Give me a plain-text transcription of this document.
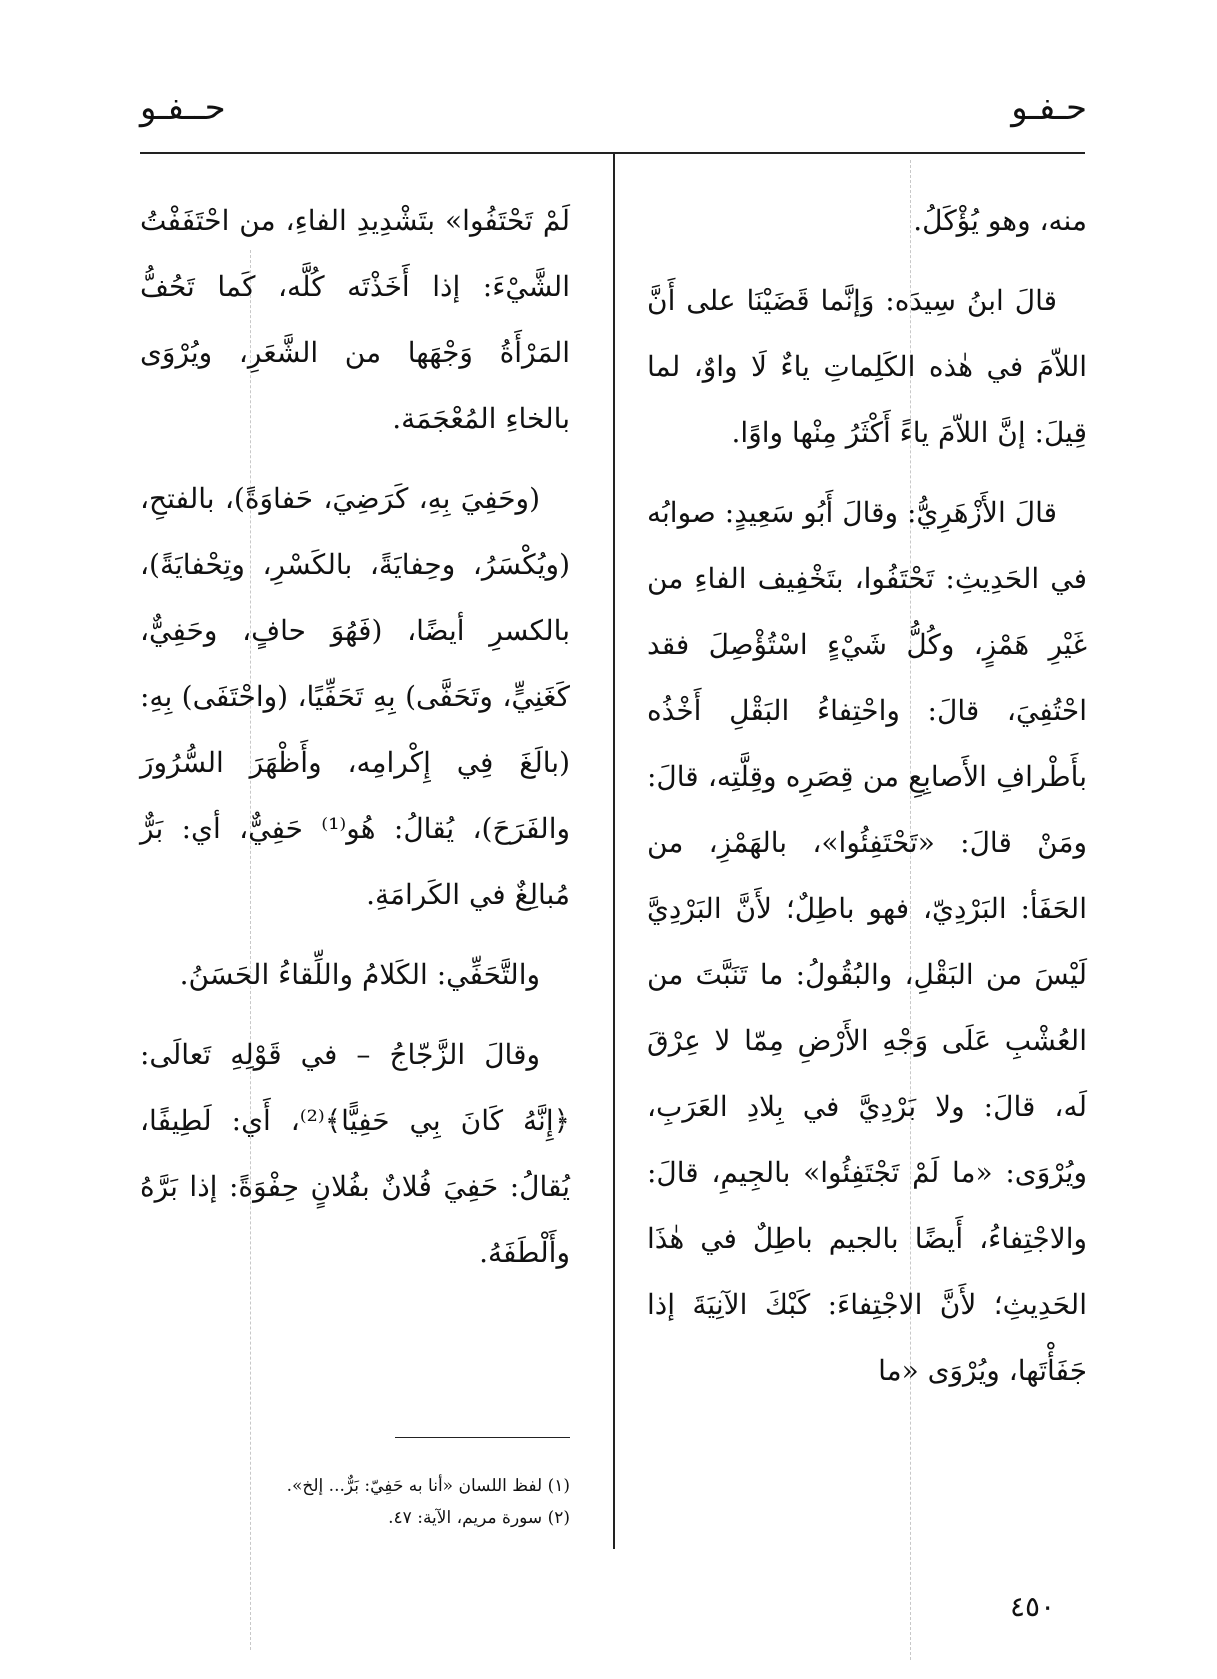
حـفـو
حــفـو

منه، وهو يُؤْكَلُ.

قالَ ابنُ سِيدَه: وَإنَّما قَضَيْنَا على أَنَّ اللاّمَ في هٰذه الكَلِماتِ ياءٌ لَا واوٌ، لما قِيلَ: إنَّ اللاّمَ ياءً أَكْثَرُ مِنْها واوًا.

قالَ الأَزْهَرِيُّ: وقالَ أَبُو سَعِيدٍ: صوابُه في الحَدِيثِ: تَحْتَفُوا، بتَخْفِيف الفاءِ من غَيْرِ هَمْزٍ، وكُلُّ شَيْءٍ اسْتُؤْصِلَ فقد احْتُفِيَ، قالَ: واحْتِفاءُ البَقْلِ أَخْذُه بأَطْرافِ الأَصابِعِ من قِصَرِه وقِلَّتِه، قالَ: ومَنْ قالَ: «تَحْتَفِئُوا»، بالهَمْزِ، من الحَفَأ: البَرْدِيّ، فهو باطِلٌ؛ لأَنَّ البَرْدِيَّ لَيْسَ من البَقْلِ، والبُقُولُ: ما تَنَبَّتَ من العُشْبِ عَلَى وَجْهِ الأَرْضِ مِمّا لا عِرْقَ لَه، قالَ: ولا بَرْدِيَّ في بِلادِ العَرَبِ، ويُرْوَى: «ما لَمْ تَجْتَفِئُوا» بالجِيمِ، قالَ: والاجْتِفاءُ، أَيضًا بالجيم باطِلٌ في هٰذَا الحَدِيثِ؛ لأَنَّ الاجْتِفاءَ: كَبْكَ الآنِيَةَ إذا جَفَأْتَها، ويُرْوَى «ما

لَمْ تَحْتَفُوا» بتَشْدِيدِ الفاءِ، من احْتَفَفْتُ الشَّيْءَ: إذا أَخَذْتَه كُلَّه، كَما تَحُفُّ المَرْأَةُ وَجْهَها من الشَّعَرِ، ويُرْوَى بالخاءِ المُعْجَمَة.

(وحَفِيَ بِهِ، كَرَضِيَ، حَفاوَةً)، بالفتحِ، (ويُكْسَرُ، وحِفايَةً، بالكَسْرِ، وتِحْفايَةً)، بالكسرِ أيضًا، (فَهُوَ حافٍ، وحَفِيٌّ، كَغَنِيٍّ، وتَحَفَّى) بِهِ تَحَفِّيًا، (واحْتَفَى) بِهِ: (بالَغَ فِي إِكْرامِه، وأَظْهَرَ السُّرُورَ والفَرَحَ)، يُقالُ: هُو⁽¹⁾ حَفِيٌّ، أي: بَرٌّ مُبالِغٌ في الكَرامَةِ.

والتَّحَفِّي: الكَلامُ واللِّقاءُ الحَسَنُ.

وقالَ الزَّجّاجُ – في قَوْلِهِ تَعالَى: ﴿إِنَّهُ كَانَ بِي حَفِيًّا﴾⁽²⁾، أَي: لَطِيفًا، يُقالُ: حَفِيَ فُلانٌ بفُلانٍ حِفْوَةً: إذا بَرَّهُ وأَلْطَفَهُ.

(١) لفظ اللسان «أنا به حَفِيّ: بَرٌّ... إلخ».
(٢) سورة مريم، الآية: ٤٧.
٤٥٠
